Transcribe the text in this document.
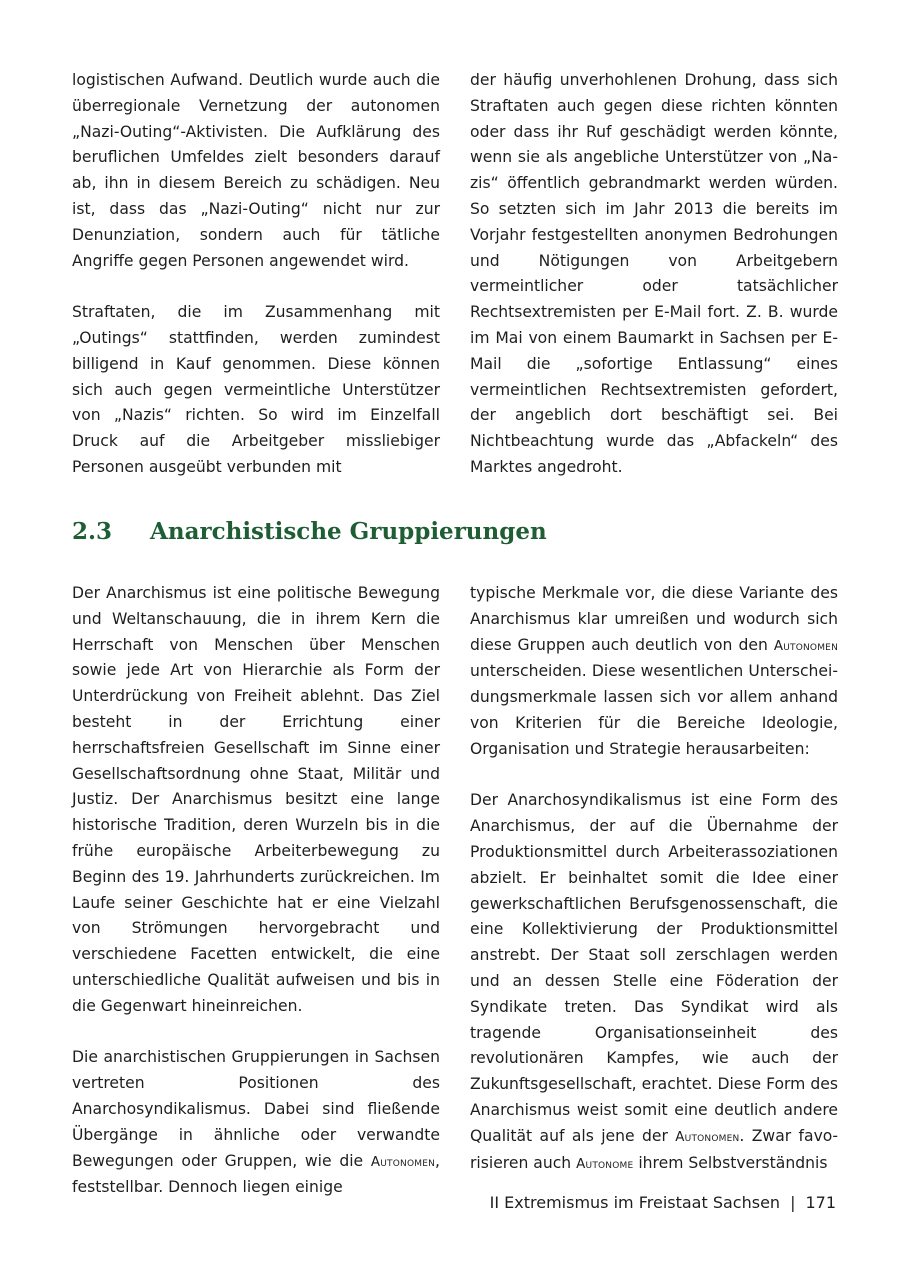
logistischen Aufwand. Deutlich wurde auch die überregionale Vernetzung der autonomen „Nazi-Outing“-Aktivisten. Die Aufklärung des beruflichen Umfeldes zielt besonders darauf ab, ihn in diesem Bereich zu schädigen. Neu ist, dass das „Nazi-Outing“ nicht nur zur Denunziation, sondern auch für tätliche Angriffe gegen Personen angewendet wird.

Straftaten, die im Zusammenhang mit „Outings“ stattfinden, werden zumindest billigend in Kauf genommen. Diese können sich auch gegen vermeintliche Unterstützer von „Nazis“ richten. So wird im Einzelfall Druck auf die Arbeitgeber missliebiger Personen ausgeübt verbunden mit

der häufig unverhohlenen Drohung, dass sich Straftaten auch gegen diese richten könnten oder dass ihr Ruf geschädigt werden könnte, wenn sie als angebliche Unterstützer von „Nazis“ öffentlich gebrandmarkt werden würden. So setzten sich im Jahr 2013 die bereits im Vorjahr festgestellten anonymen Bedrohungen und Nötigungen von Arbeitgebern vermeintlicher oder tatsächlicher Rechtsextremisten per E-Mail fort. Z. B. wurde im Mai von einem Baumarkt in Sachsen per E-Mail die „sofortige Entlassung“ eines vermeintlichen Rechtsextremisten gefordert, der angeblich dort beschäftigt sei. Bei Nichtbeachtung wurde das „Abfackeln“ des Marktes angedroht.

2.3	Anarchistische Gruppierungen

Der Anarchismus ist eine politische Bewegung und Weltanschauung, die in ihrem Kern die Herrschaft von Menschen über Menschen sowie jede Art von Hierarchie als Form der Unterdrückung von Freiheit ablehnt. Das Ziel besteht in der Errichtung einer herrschaftsfreien Gesellschaft im Sinne einer Gesellschaftsordnung ohne Staat, Militär und Justiz. Der Anarchismus besitzt eine lange historische Tradition, deren Wurzeln bis in die frühe europäische Arbeiterbewegung zu Beginn des 19. Jahrhunderts zurückreichen. Im Laufe seiner Geschichte hat er eine Vielzahl von Strömungen hervorgebracht und verschiedene Facetten entwickelt, die eine unterschiedliche Qualität aufweisen und bis in die Gegenwart hineinreichen.

Die anarchistischen Gruppierungen in Sachsen vertreten Positionen des Anarchosyndikalismus. Dabei sind fließende Übergänge in ähnliche oder verwandte Bewegungen oder Gruppen, wie die Autonomen, feststellbar. Dennoch liegen einige

typische Merkmale vor, die diese Variante des Anarchismus klar umreißen und wodurch sich diese Gruppen auch deutlich von den Autonomen unterscheiden. Diese wesentlichen Unterscheidungsmerkmale lassen sich vor allem anhand von Kriterien für die Bereiche Ideologie, Organisation und Strategie herausarbeiten:

Der Anarchosyndikalismus ist eine Form des Anarchismus, der auf die Übernahme der Produktionsmittel durch Arbeiterassoziationen abzielt. Er beinhaltet somit die Idee einer gewerkschaftlichen Berufsgenossenschaft, die eine Kollektivierung der Produktionsmittel anstrebt. Der Staat soll zerschlagen werden und an dessen Stelle eine Föderation der Syndikate treten. Das Syndikat wird als tragende Organisationseinheit des revolutionären Kampfes, wie auch der Zukunftsgesellschaft, erachtet. Diese Form des Anarchismus weist somit eine deutlich andere Qualität auf als jene der Autonomen. Zwar favorisieren auch Autonome ihrem Selbstverständnis

II Extremismus im Freistaat Sachsen | 171
